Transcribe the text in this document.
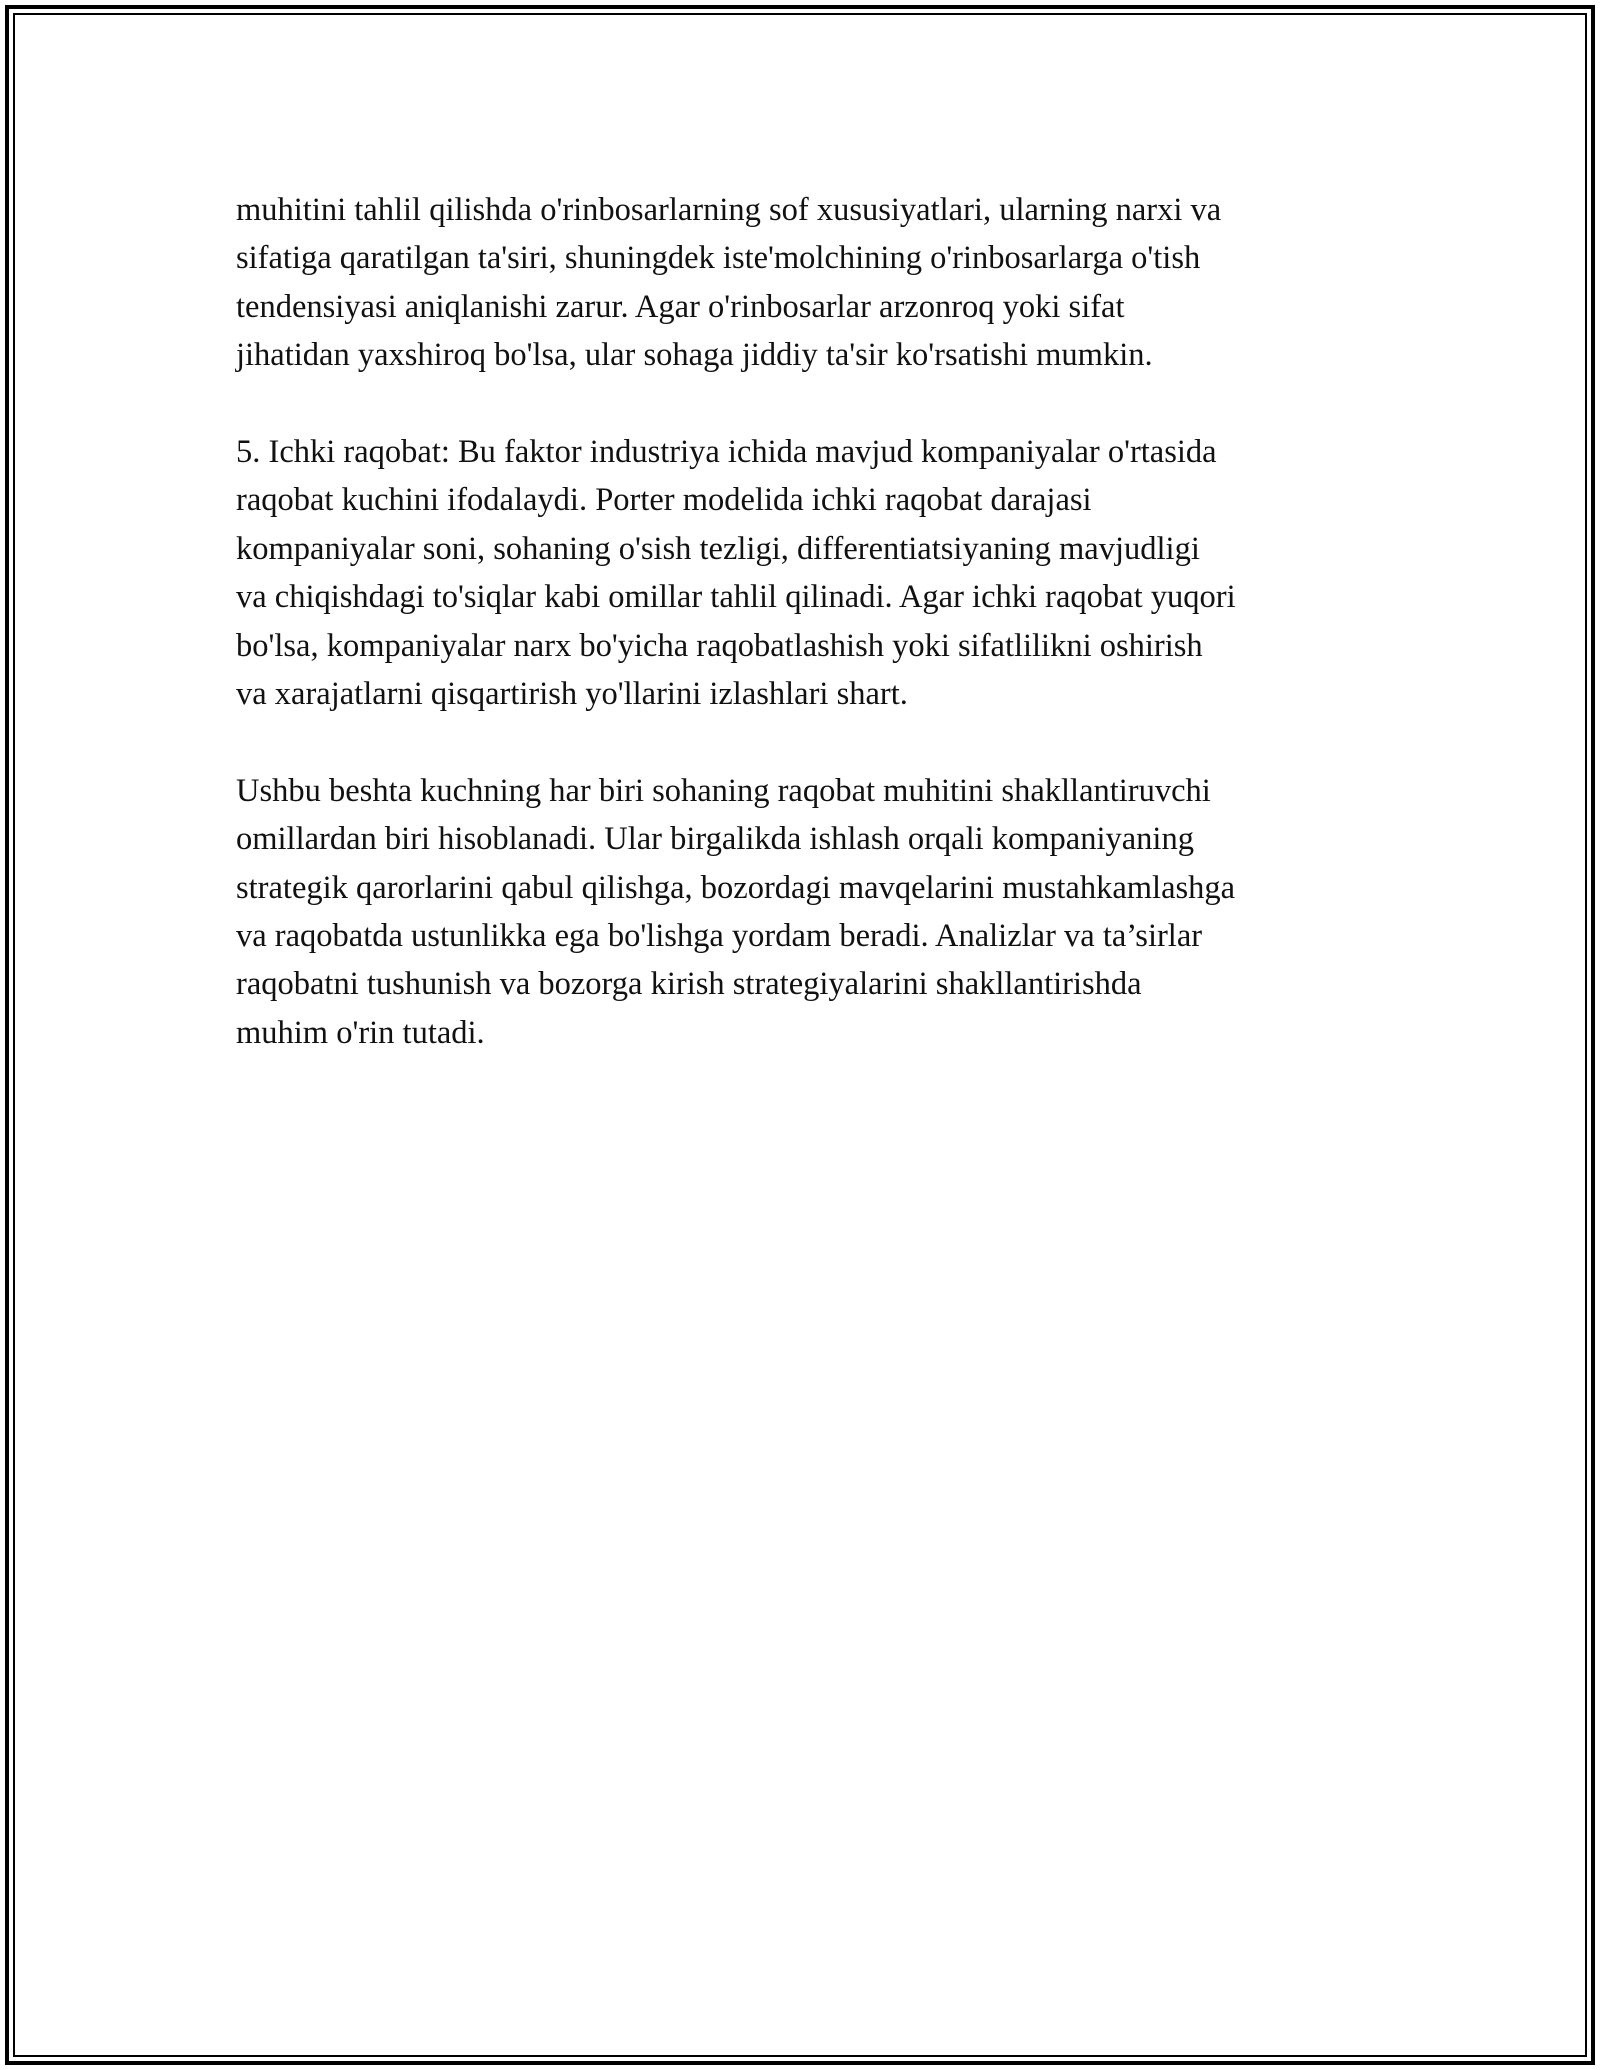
muhitini tahlil qilishda o'rinbosarlarning sof xususiyatlari, ularning narxi va
sifatiga qaratilgan ta'siri, shuningdek iste'molchining o'rinbosarlarga o'tish
tendensiyasi aniqlanishi zarur. Agar o'rinbosarlar arzonroq yoki sifat
jihatidan yaxshiroq bo'lsa, ular sohaga jiddiy ta'sir ko'rsatishi mumkin.

5. Ichki raqobat: Bu faktor industriya ichida mavjud kompaniyalar o'rtasida
raqobat kuchini ifodalaydi. Porter modelida ichki raqobat darajasi
kompaniyalar soni, sohaning o'sish tezligi, differentiatsiyaning mavjudligi
va chiqishdagi to'siqlar kabi omillar tahlil qilinadi. Agar ichki raqobat yuqori
bo'lsa, kompaniyalar narx bo'yicha raqobatlashish yoki sifatlilikni oshirish
va xarajatlarni qisqartirish yo'llarini izlashlari shart.

Ushbu beshta kuchning har biri sohaning raqobat muhitini shakllantiruvchi
omillardan biri hisoblanadi. Ular birgalikda ishlash orqali kompaniyaning
strategik qarorlarini qabul qilishga, bozordagi mavqelarini mustahkamlashga
va raqobatda ustunlikka ega bo'lishga yordam beradi. Analizlar va ta’sirlar
raqobatni tushunish va bozorga kirish strategiyalarini shakllantirishda
muhim o'rin tutadi.
